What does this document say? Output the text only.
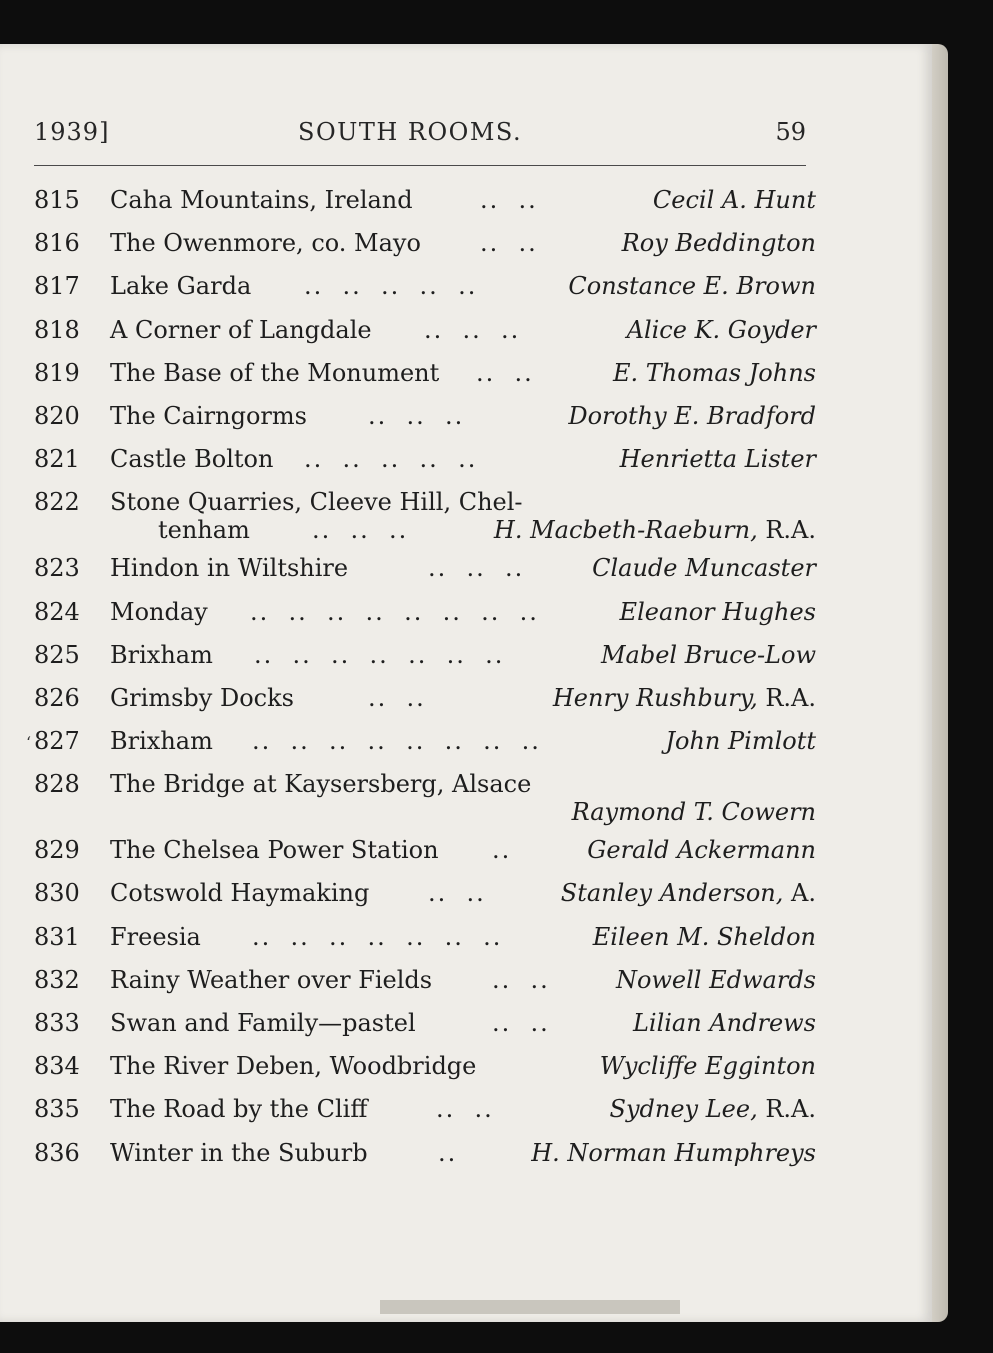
1939]	SOUTH ROOMS.	59
815	Caha Mountains, Ireland	..  ..	Cecil A. Hunt
816	The Owenmore, co. Mayo ..  ..	Roy Beddington
817	Lake Garda ..  ..  ..  ..  ..	Constance E. Brown
818	A Corner of Langdale ..  ..  ..	Alice K. Goyder
819	The Base of the Monument ..  ..	E. Thomas Johns
820	The Cairngorms	..  ..  ..	Dorothy E. Bradford
821	Castle Bolton ..  ..  ..  ..  ..	Henrietta Lister
822	Stone Quarries, Cleeve Hill, Chel-
tenham	..  ..  ..	H. Macbeth-Raeburn, R.A.
823	Hindon in Wiltshire	..  ..  ..	Claude Muncaster
824	Monday ..  ..  ..  ..  ..  ..  ..  ..	Eleanor Hughes
825	Brixham ..  ..  ..  ..  ..  ..  ..	Mabel Bruce-Low
826	Grimsby Docks	..  ..	Henry Rushbury, R.A.
‘ 827	Brixham ..  ..  ..  ..  ..  ..  ..  ..	John Pimlott
828	The Bridge at Kaysersberg, Alsace
Raymond T. Cowern
829	The Chelsea Power Station ..	Gerald Ackermann
830	Cotswold Haymaking ..  ..	Stanley Anderson, A.
831	Freesia ..  ..  ..  ..  ..  ..  ..	Eileen M. Sheldon
832	Rainy Weather over Fields ..  ..	Nowell Edwards
833	Swan and Family—pastel	..  ..	Lilian Andrews
834	The River Deben, Woodbridge	Wycliffe Egginton
835	The Road by the Cliff	..  ..	Sydney Lee, R.A.
836	Winter in the Suburb	..	H. Norman Humphreys
